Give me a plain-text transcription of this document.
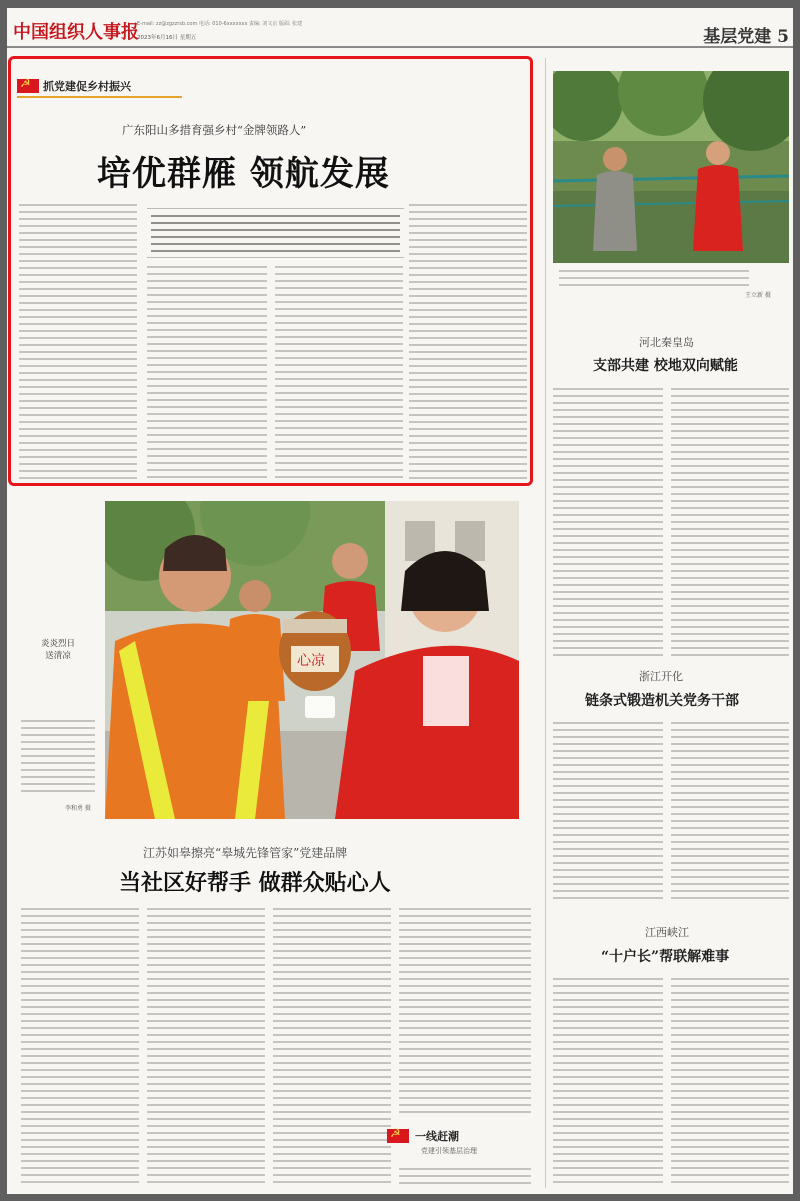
中国组织人事报
E-mail: zz@zgzzrsb.com 电话: 010-6xxxxxxx 责编: 刘文京 版面: 张建
2023年6月16日 星期五	基层党建 5
☭
抓党建促乡村振兴
广东阳山多措育强乡村“金牌领路人”
培优群雁 领航发展
王立新 摄
河北秦皇岛
支部共建 校地双向赋能
浙江开化
链条式锻造机关党务干部
江西峡江
“十户长”帮联解难事
炎炎烈日
送清凉
李和勇 摄
心凉
江苏如皋擦亮“皋城先锋管家”党建品牌
当社区好帮手 做群众贴心人
☭
一线赶潮
党建引领基层治理
